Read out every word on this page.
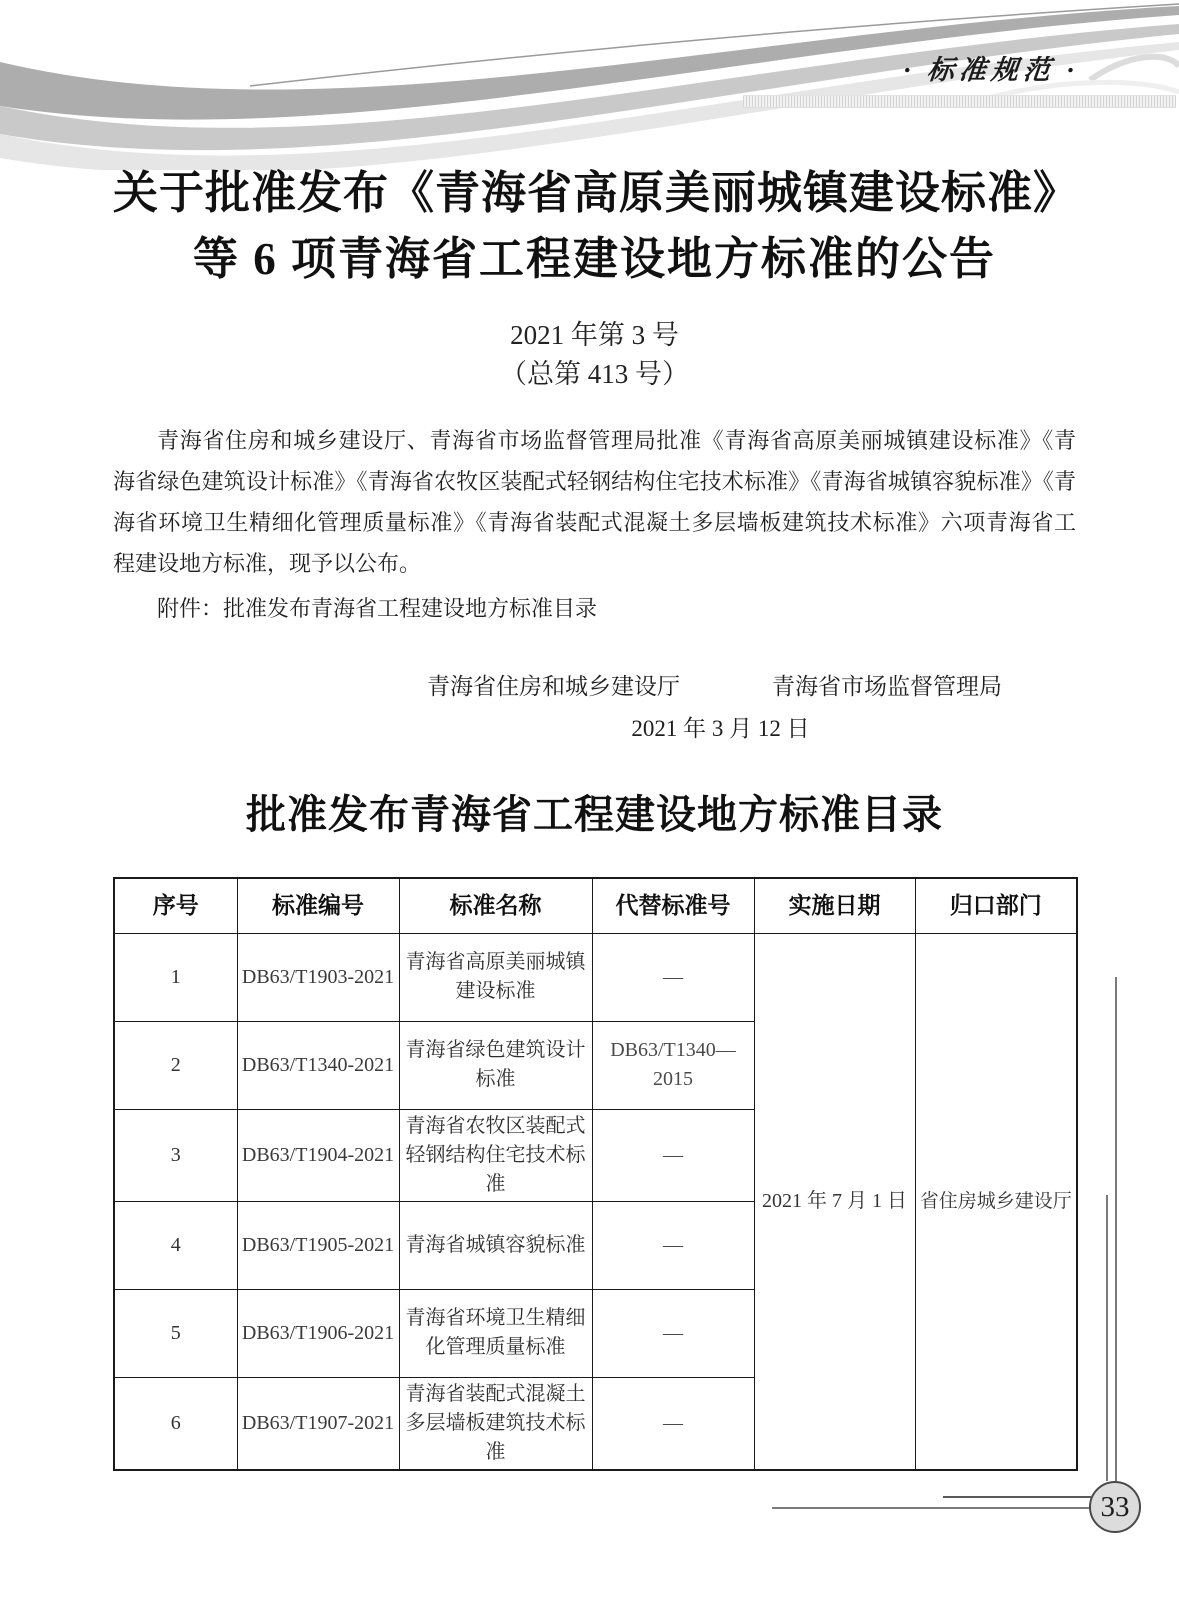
· 标准规范 ·
关于批准发布《青海省高原美丽城镇建设标准》
等 6 项青海省工程建设地方标准的公告
2021 年第 3 号
（总第 413 号）
青海省住房和城乡建设厅、青海省市场监督管理局批准《青海省高原美丽城镇建设标准》《青
海省绿色建筑设计标准》《青海省农牧区装配式轻钢结构住宅技术标准》《青海省城镇容貌标准》《青
海省环境卫生精细化管理质量标准》《青海省装配式混凝土多层墙板建筑技术标准》六项青海省工
程建设地方标准，现予以公布。
附件：批准发布青海省工程建设地方标准目录
青海省住房和城乡建设厅	青海省市场监督管理局
2021 年 3 月 12 日
批准发布青海省工程建设地方标准目录
序号	标准编号	标准名称	代替标准号	实施日期	归口部门
1	DB63/T1903-2021	青海省高原美丽城镇建设标准	—	2021 年 7 月 1 日	省住房城乡建设厅
2	DB63/T1340-2021	青海省绿色建筑设计标准	DB63/T1340—2015		
3	DB63/T1904-2021	青海省农牧区装配式轻钢结构住宅技术标准	—		
4	DB63/T1905-2021	青海省城镇容貌标准	—		
5	DB63/T1906-2021	青海省环境卫生精细化管理质量标准	—		
6	DB63/T1907-2021	青海省装配式混凝土多层墙板建筑技术标准	—		
33
